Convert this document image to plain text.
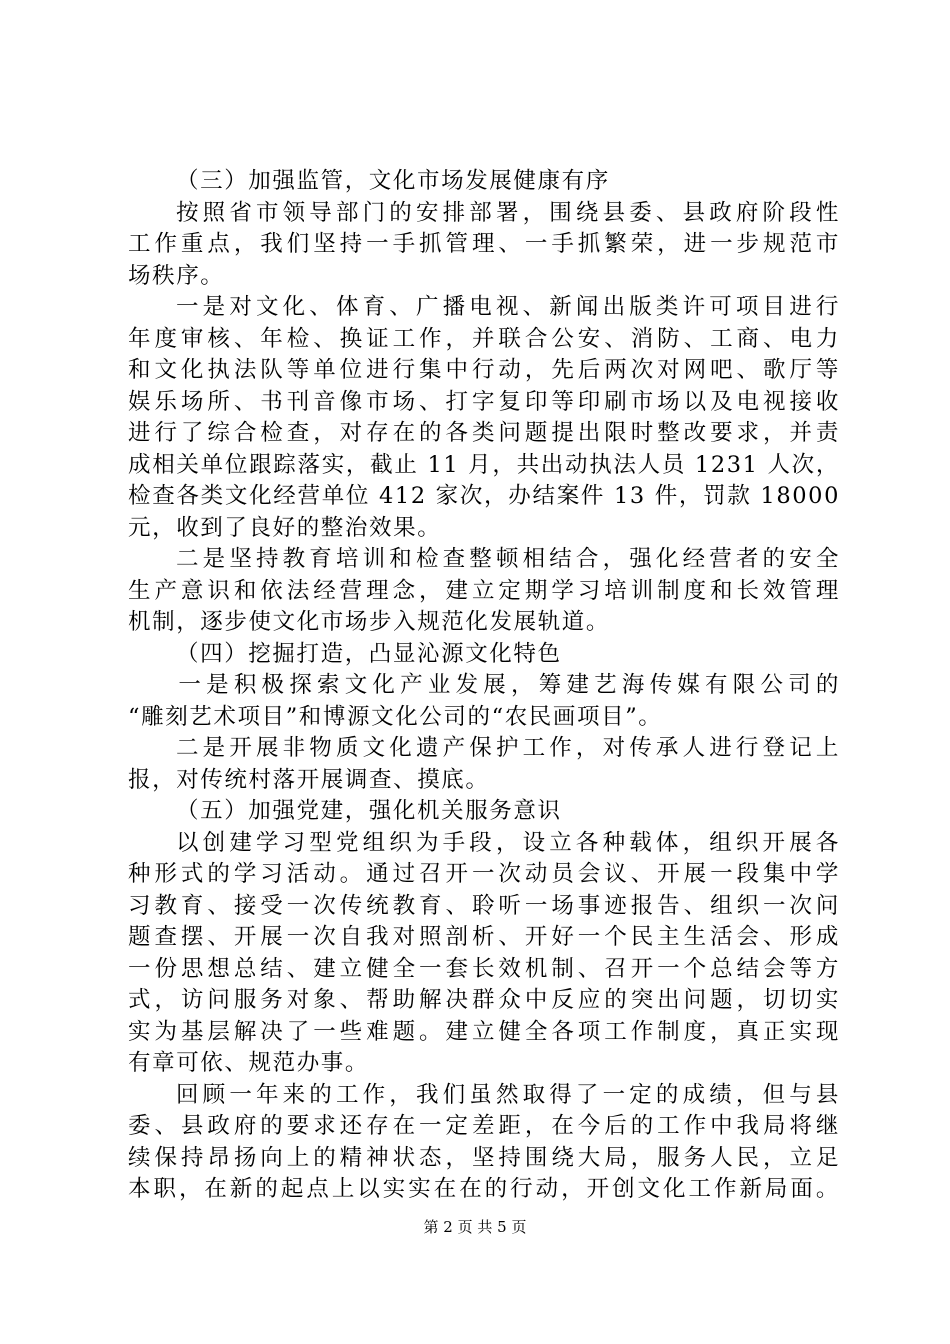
（三）加强监管，文化市场发展健康有序
按照省市领导部门的安排部署，围绕县委、县政府阶段性
工作重点，我们坚持一手抓管理、一手抓繁荣，进一步规范市
场秩序。
一是对文化、体育、广播电视、新闻出版类许可项目进行
年度审核、年检、换证工作，并联合公安、消防、工商、电力
和文化执法队等单位进行集中行动，先后两次对网吧、歌厅等
娱乐场所、书刊音像市场、打字复印等印刷市场以及电视接收
进行了综合检查，对存在的各类问题提出限时整改要求，并责
成相关单位跟踪落实，截止 11 月，共出动执法人员 1231 人次，
检查各类文化经营单位 412 家次，办结案件 13 件，罚款 18000
元，收到了良好的整治效果。
二是坚持教育培训和检查整顿相结合，强化经营者的安全
生产意识和依法经营理念，建立定期学习培训制度和长效管理
机制，逐步使文化市场步入规范化发展轨道。
（四）挖掘打造，凸显沁源文化特色
一是积极探索文化产业发展，筹建艺海传媒有限公司的
“雕刻艺术项目”和博源文化公司的“农民画项目”。
二是开展非物质文化遗产保护工作，对传承人进行登记上
报，对传统村落开展调查、摸底。
（五）加强党建，强化机关服务意识
以创建学习型党组织为手段，设立各种载体，组织开展各
种形式的学习活动。通过召开一次动员会议、开展一段集中学
习教育、接受一次传统教育、聆听一场事迹报告、组织一次问
题查摆、开展一次自我对照剖析、开好一个民主生活会、形成
一份思想总结、建立健全一套长效机制、召开一个总结会等方
式，访问服务对象、帮助解决群众中反应的突出问题，切切实
实为基层解决了一些难题。建立健全各项工作制度，真正实现
有章可依、规范办事。
回顾一年来的工作，我们虽然取得了一定的成绩，但与县
委、县政府的要求还存在一定差距，在今后的工作中我局将继
续保持昂扬向上的精神状态，坚持围绕大局，服务人民，立足
本职，在新的起点上以实实在在的行动，开创文化工作新局面。
第 2 页 共 5 页
